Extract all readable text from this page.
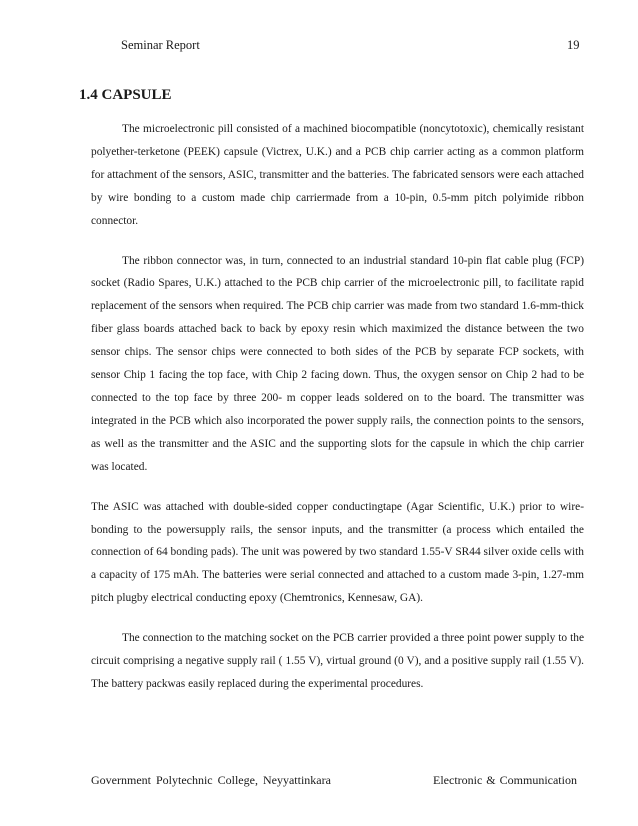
Seminar Report	19
1.4 CAPSULE

The microelectronic pill consisted of a machined biocompatible (noncytotoxic), chemically resistant polyether-terketone (PEEK) capsule (Victrex, U.K.) and a PCB chip carrier acting as a common platform for attachment of the sensors, ASIC, transmitter and the batteries. The fabricated sensors were each attached by wire bonding to a custom made chip carriermade from a 10-pin, 0.5-mm pitch polyimide ribbon connector.

The ribbon connector was, in turn, connected to an industrial standard 10-pin flat cable plug (FCP) socket (Radio Spares, U.K.) attached to the PCB chip carrier of the microelectronic pill, to facilitate rapid replacement of the sensors when required. The PCB chip carrier was made from two standard 1.6-mm-thick fiber glass boards attached back to back by epoxy resin which maximized the distance between the two sensor chips. The sensor chips were connected to both sides of the PCB by separate FCP sockets, with sensor Chip 1 facing the top face, with Chip 2 facing down. Thus, the oxygen sensor on Chip 2 had to be connected to the top face by three 200- m copper leads soldered on to the board. The transmitter was integrated in the PCB which also incorporated the power supply rails, the connection points to the sensors, as well as the transmitter and the ASIC and the supporting slots for the capsule in which the chip carrier was located.

The ASIC was attached with double-sided copper conductingtape (Agar Scientific, U.K.) prior to wire-bonding to the powersupply rails, the sensor inputs, and the transmitter (a process which entailed the connection of 64 bonding pads). The unit was powered by two standard 1.55-V SR44 silver oxide cells with a capacity of 175 mAh. The batteries were serial connected and attached to a custom made 3-pin, 1.27-mm pitch plugby electrical conducting epoxy (Chemtronics, Kennesaw, GA).

The connection to the matching socket on the PCB carrier provided a three point power supply to the circuit comprising a negative supply rail ( 1.55 V), virtual ground (0 V), and a positive supply rail (1.55 V). The battery packwas easily replaced during the experimental procedures.

Government Polytechnic College, Neyyattinkara	Electronic & Communication
